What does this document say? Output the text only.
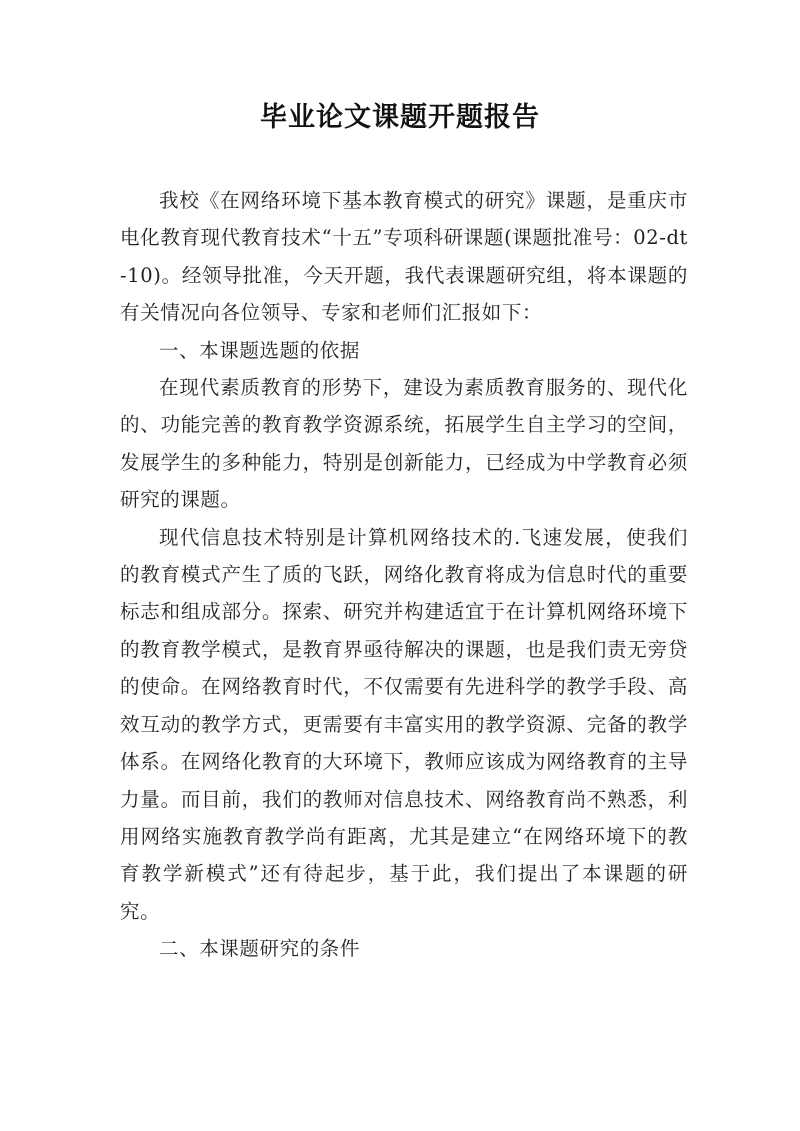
毕业论文课题开题报告

我校《在网络环境下基本教育模式的研究》课题，是重庆市电化教育现代教育技术“十五”专项科研课题(课题批准号：02-dt-10)。经领导批准，今天开题，我代表课题研究组，将本课题的有关情况向各位领导、专家和老师们汇报如下：

一、本课题选题的依据

在现代素质教育的形势下，建设为素质教育服务的、现代化的、功能完善的教育教学资源系统，拓展学生自主学习的空间，发展学生的多种能力，特别是创新能力，已经成为中学教育必须研究的课题。

现代信息技术特别是计算机网络技术的.飞速发展，使我们的教育模式产生了质的飞跃，网络化教育将成为信息时代的重要标志和组成部分。探索、研究并构建适宜于在计算机网络环境下的教育教学模式，是教育界亟待解决的课题，也是我们责无旁贷的使命。在网络教育时代，不仅需要有先进科学的教学手段、高效互动的教学方式，更需要有丰富实用的教学资源、完备的教学体系。在网络化教育的大环境下，教师应该成为网络教育的主导力量。而目前，我们的教师对信息技术、网络教育尚不熟悉，利用网络实施教育教学尚有距离，尤其是建立“在网络环境下的教育教学新模式”还有待起步，基于此，我们提出了本课题的研究。

二、本课题研究的条件
